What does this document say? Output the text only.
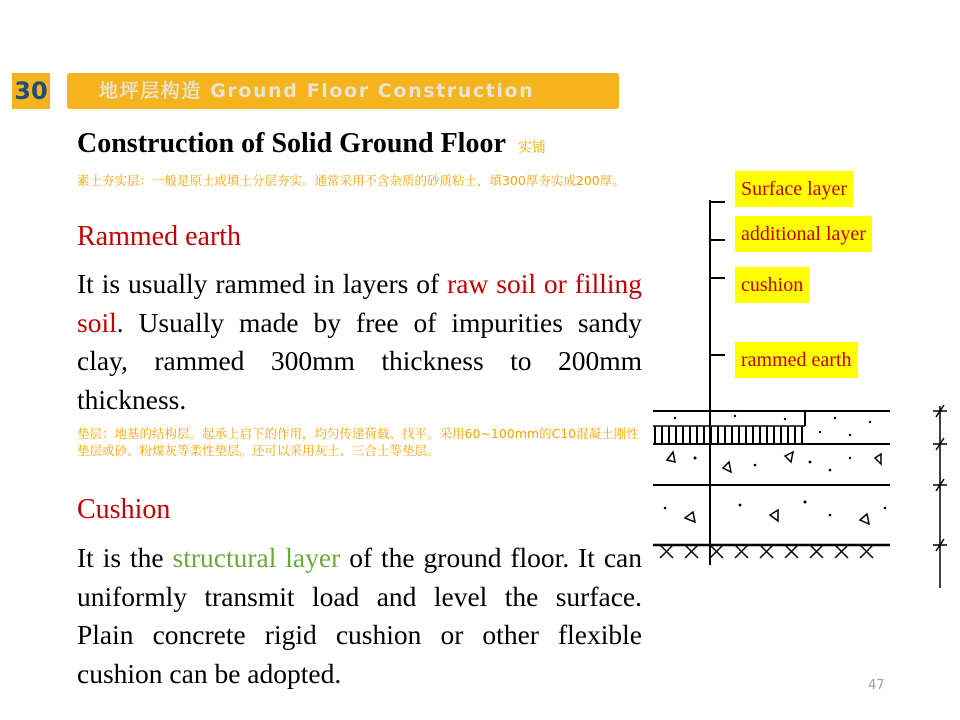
30	地坪层构造 Ground Floor Construction
Construction of Solid Ground Floor 实铺
素土夯实层：一般是原土或填土分层夯实。通常采用不含杂质的砂质粘土，填300厚夯实成200厚。
Rammed earth
It is usually rammed in layers of raw soil or filling soil. Usually made by free of impurities sandy clay, rammed 300mm thickness to 200mm thickness.
垫层：地基的结构层。起承上启下的作用，均匀传递荷载、找平。采用60~100mm的C10混凝土刚性垫层或砂、粉煤灰等柔性垫层。还可以采用灰土、三合土等垫层。
Cushion
It is the structural layer of the ground floor. It can uniformly transmit load and level the surface. Plain concrete rigid cushion or other flexible cushion can be adopted.
Surface layer
additional layer
cushion
rammed earth
47
